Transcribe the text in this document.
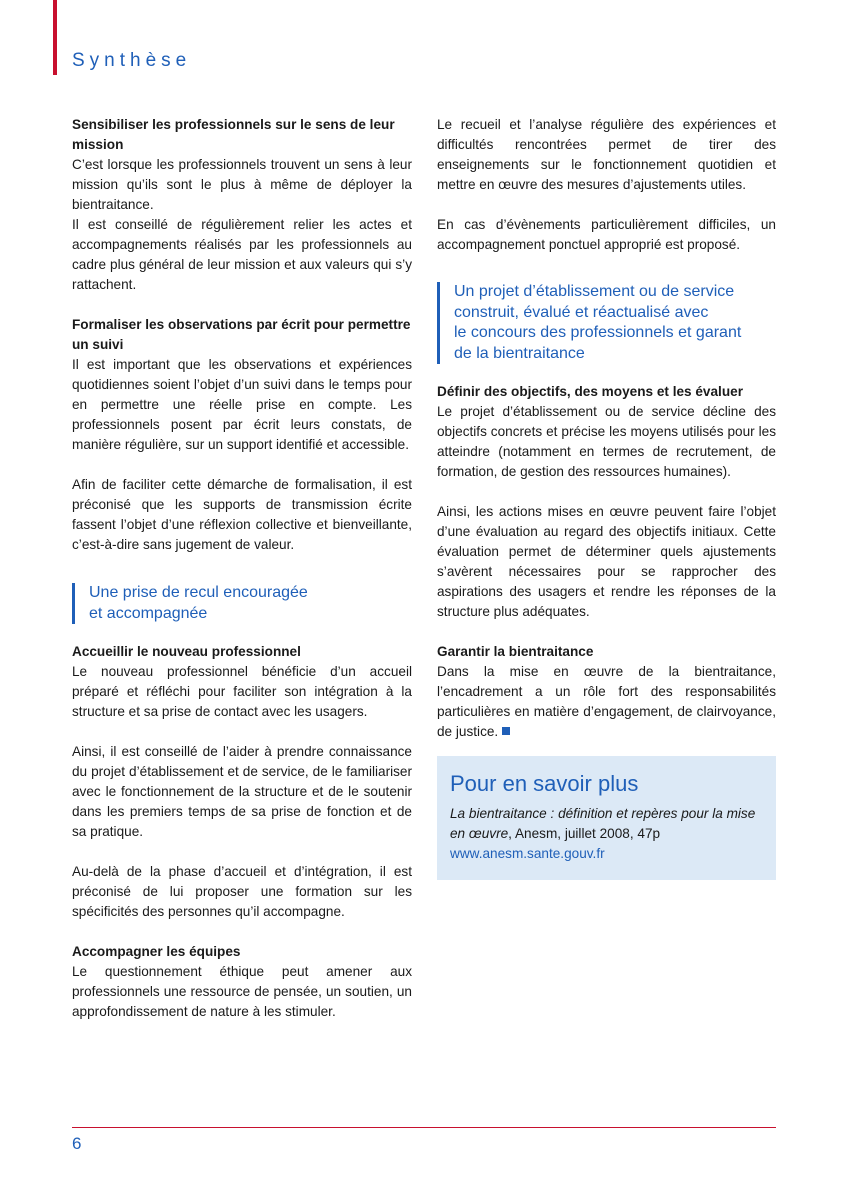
Synthèse
Sensibiliser les professionnels sur le sens de leur mission

C’est lorsque les professionnels trouvent un sens à leur mission qu’ils sont le plus à même de déployer la bientraitance.

Il est conseillé de régulièrement relier les actes et accompagnements réalisés par les professionnels au cadre plus général de leur mission et aux valeurs qui s’y rattachent.

Formaliser les observations par écrit pour permettre un suivi

Il est important que les observations et expériences quotidiennes soient l’objet d’un suivi dans le temps pour en permettre une réelle prise en compte. Les professionnels posent par écrit leurs constats, de manière régulière, sur un support identifié et accessible.

Afin de faciliter cette démarche de formalisation, il est préconisé que les supports de transmission écrite fassent l’objet d’une réflexion collective et bienveillante, c’est-à-dire sans jugement de valeur.

Une prise de recul encouragée
et accompagnée
Accueillir le nouveau professionnel

Le nouveau professionnel bénéficie d’un accueil préparé et réfléchi pour faciliter son intégration à la structure et sa prise de contact avec les usagers.

Ainsi, il est conseillé de l’aider à prendre connaissance du projet d’établissement et de service, de le familiariser avec le fonctionnement de la structure et de le soutenir dans les premiers temps de sa prise de fonction et de sa pratique.

Au-delà de la phase d’accueil et d’intégration, il est préconisé de lui proposer une formation sur les spécificités des personnes qu’il accompagne.

Accompagner les équipes

Le questionnement éthique peut amener aux professionnels une ressource de pensée, un soutien, un approfondissement de nature à les stimuler.

Le recueil et l’analyse régulière des expériences et difficultés rencontrées permet de tirer des enseignements sur le fonctionnement quotidien et mettre en œuvre des mesures d’ajustements utiles.

En cas d’évènements particulièrement difficiles, un accompagnement ponctuel approprié est proposé.

Un projet d’établissement ou de service
construit, évalué et réactualisé avec
le concours des professionnels et garant
de la bientraitance
Définir des objectifs, des moyens et les évaluer

Le projet d’établissement ou de service décline des objectifs concrets et précise les moyens utilisés pour les atteindre (notamment en termes de recrutement, de formation, de gestion des ressources humaines).

Ainsi, les actions mises en œuvre peuvent faire l’objet d’une évaluation au regard des objectifs initiaux. Cette évaluation permet de déterminer quels ajustements s’avèrent nécessaires pour se rapprocher des aspirations des usagers et rendre les réponses de la structure plus adéquates.

Garantir la bientraitance

Dans la mise en œuvre de la bientraitance, l’encadrement a un rôle fort des responsabilités particulières en matière d’engagement, de clairvoyance, de justice.

Pour en savoir plus
La bientraitance : définition et repères pour la mise en œuvre, Anesm, juillet 2008, 47p
www.anesm.sante.gouv.fr
6
